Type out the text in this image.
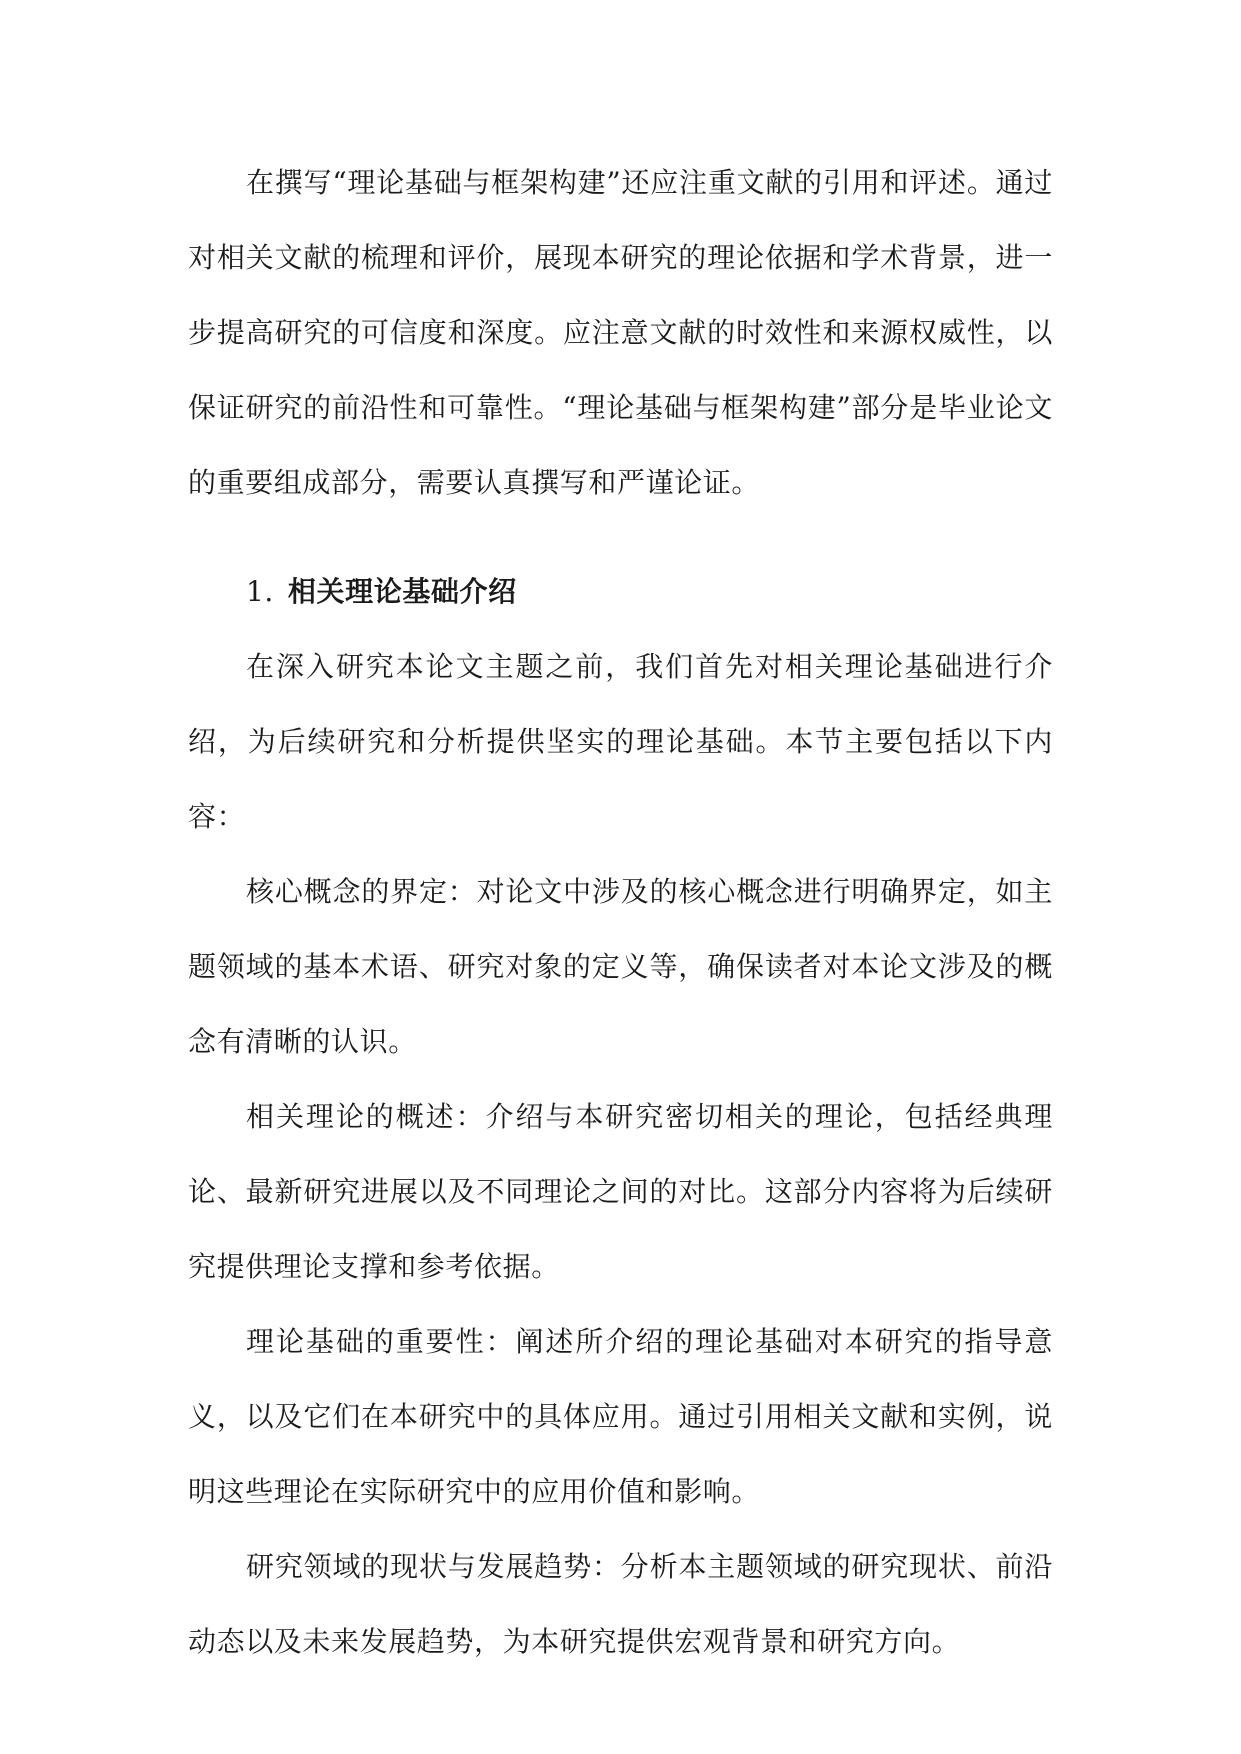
在撰写“理论基础与框架构建”还应注重文献的引用和评述。通过对相关文献的梳理和评价，展现本研究的理论依据和学术背景，进一步提高研究的可信度和深度。应注意文献的时效性和来源权威性，以保证研究的前沿性和可靠性。“理论基础与框架构建”部分是毕业论文的重要组成部分，需要认真撰写和严谨论证。

1. 相关理论基础介绍

在深入研究本论文主题之前，我们首先对相关理论基础进行介绍，为后续研究和分析提供坚实的理论基础。本节主要包括以下内容：

核心概念的界定：对论文中涉及的核心概念进行明确界定，如主题领域的基本术语、研究对象的定义等，确保读者对本论文涉及的概念有清晰的认识。

相关理论的概述：介绍与本研究密切相关的理论，包括经典理论、最新研究进展以及不同理论之间的对比。这部分内容将为后续研究提供理论支撑和参考依据。

理论基础的重要性：阐述所介绍的理论基础对本研究的指导意义，以及它们在本研究中的具体应用。通过引用相关文献和实例，说明这些理论在实际研究中的应用价值和影响。

研究领域的现状与发展趋势：分析本主题领域的研究现状、前沿动态以及未来发展趋势，为本研究提供宏观背景和研究方向。
